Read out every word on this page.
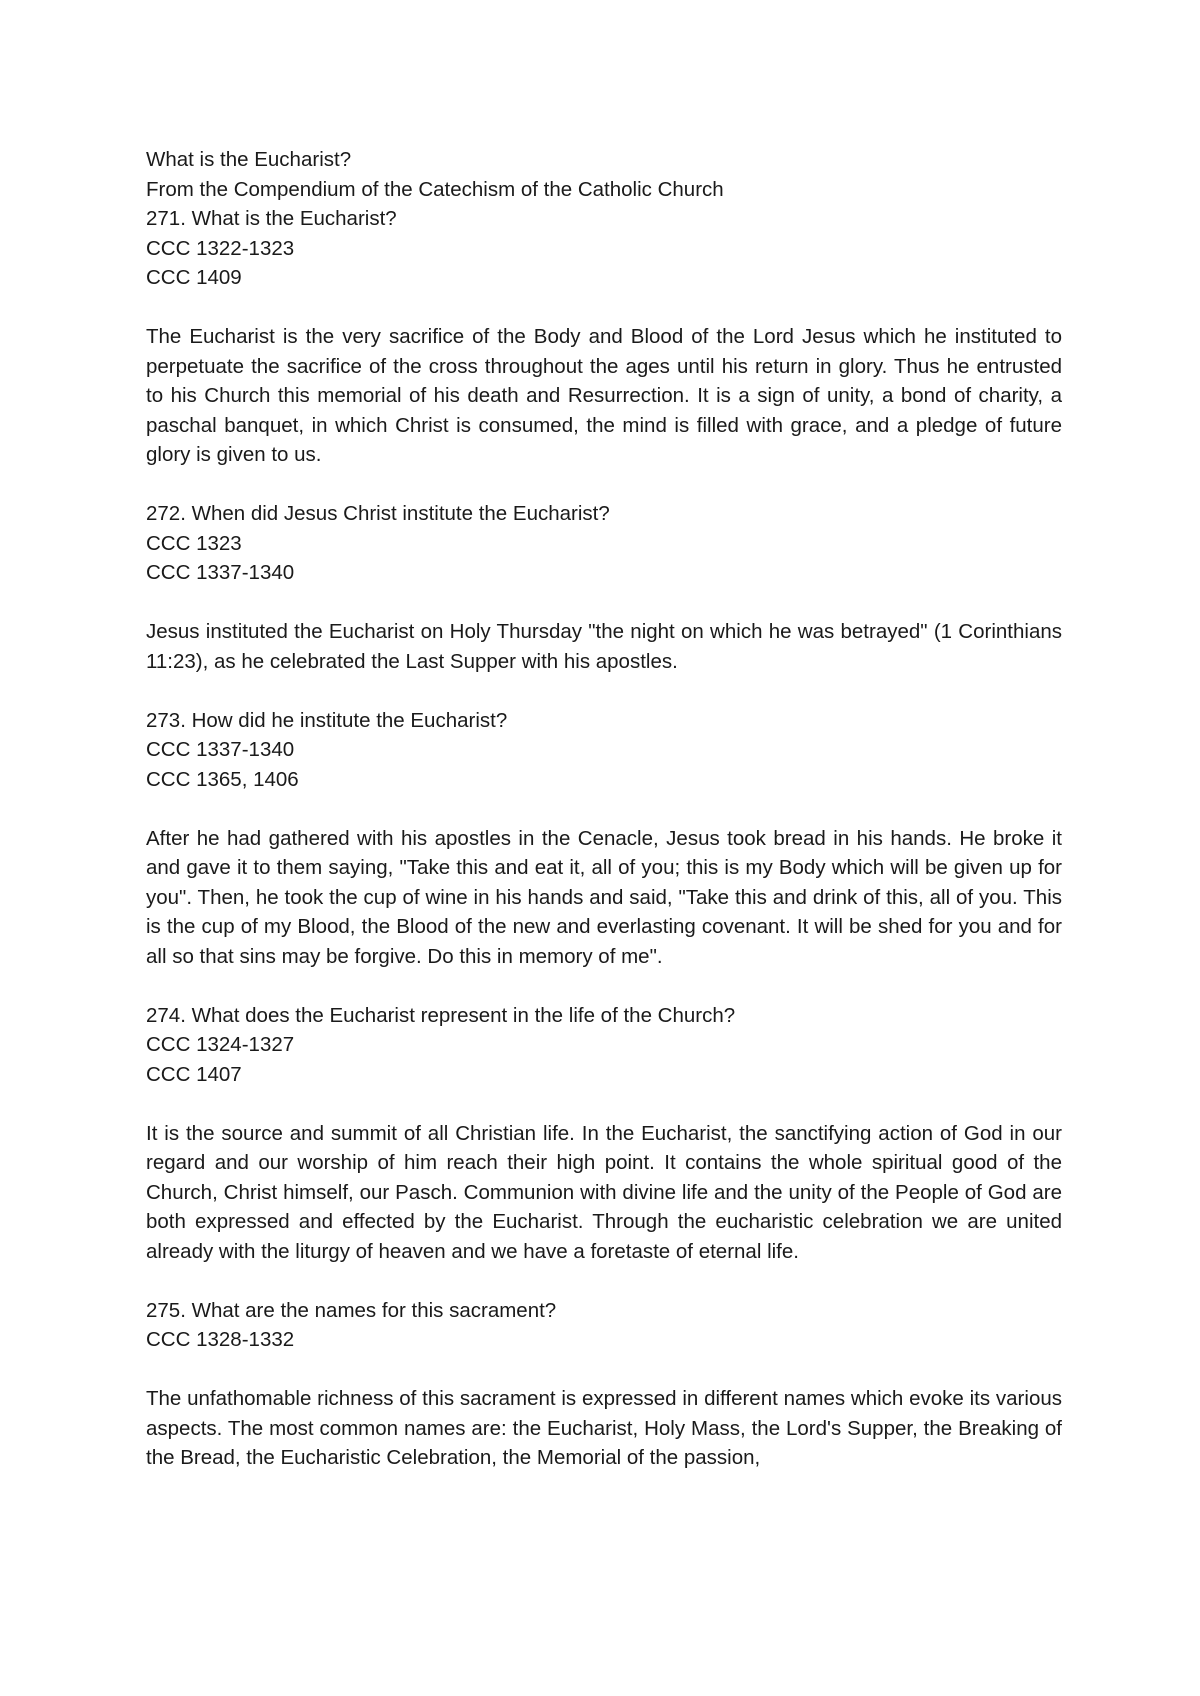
What is the Eucharist?
From the Compendium of the Catechism of the Catholic Church
271. What is the Eucharist?
CCC 1322-1323
CCC 1409

The Eucharist is the very sacrifice of the Body and Blood of the Lord Jesus which he instituted to perpetuate the sacrifice of the cross throughout the ages until his return in glory. Thus he entrusted to his Church this memorial of his death and Resurrection. It is a sign of unity, a bond of charity, a paschal banquet, in which Christ is consumed, the mind is filled with grace, and a pledge of future glory is given to us.

272. When did Jesus Christ institute the Eucharist?
CCC 1323
CCC 1337-1340

Jesus instituted the Eucharist on Holy Thursday "the night on which he was betrayed" (1 Corinthians 11:23), as he celebrated the Last Supper with his apostles.

273. How did he institute the Eucharist?
CCC 1337-1340
CCC 1365, 1406

After he had gathered with his apostles in the Cenacle, Jesus took bread in his hands. He broke it and gave it to them saying, "Take this and eat it, all of you; this is my Body which will be given up for you". Then, he took the cup of wine in his hands and said, "Take this and drink of this, all of you. This is the cup of my Blood, the Blood of the new and everlasting covenant. It will be shed for you and for all so that sins may be forgive. Do this in memory of me".

274. What does the Eucharist represent in the life of the Church?
CCC 1324-1327
CCC 1407

It is the source and summit of all Christian life. In the Eucharist, the sanctifying action of God in our regard and our worship of him reach their high point. It contains the whole spiritual good of the Church, Christ himself, our Pasch. Communion with divine life and the unity of the People of God are both expressed and effected by the Eucharist. Through the eucharistic celebration we are united already with the liturgy of heaven and we have a foretaste of eternal life.

275. What are the names for this sacrament?
CCC 1328-1332

The unfathomable richness of this sacrament is expressed in different names which evoke its various aspects. The most common names are: the Eucharist, Holy Mass, the Lord's Supper, the Breaking of the Bread, the Eucharistic Celebration, the Memorial of the passion,
